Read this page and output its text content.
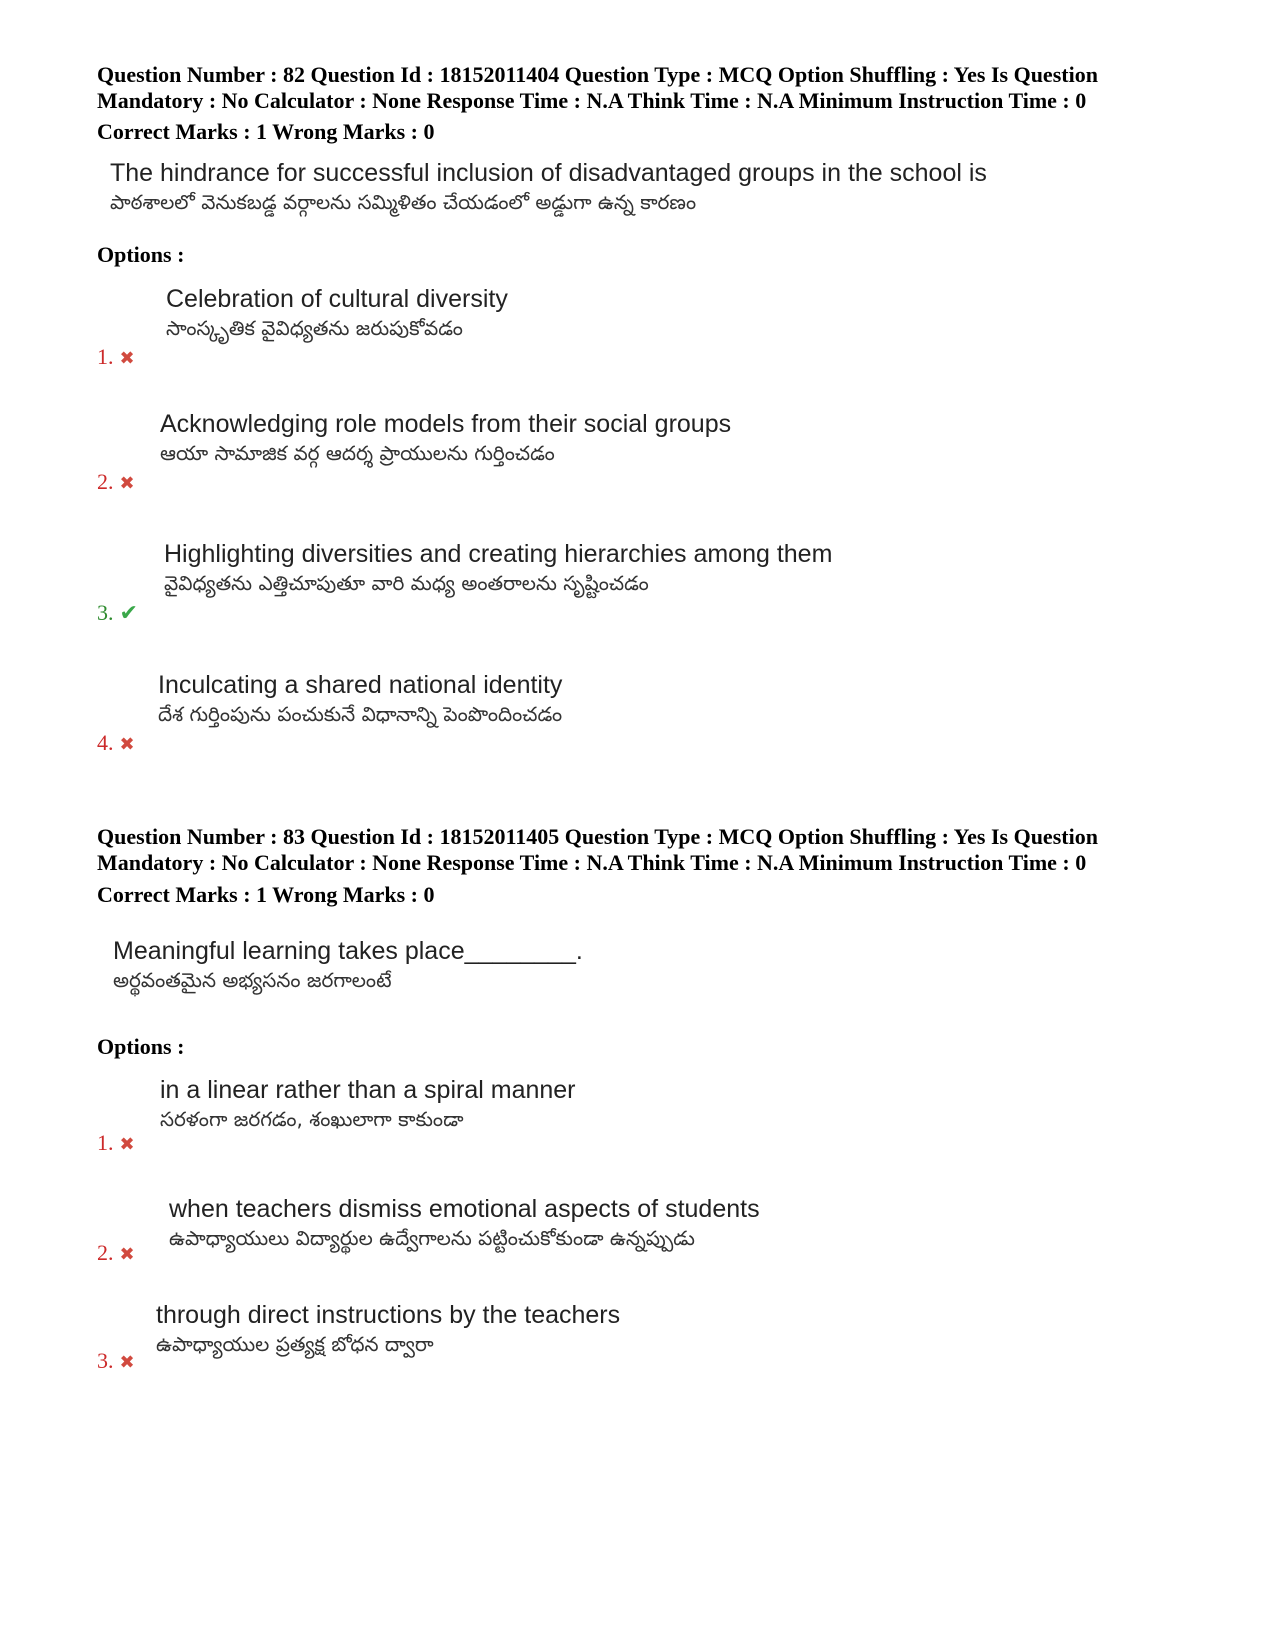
Question Number : 82 Question Id : 18152011404 Question Type : MCQ Option Shuffling : Yes Is Question Mandatory : No Calculator : None Response Time : N.A Think Time : N.A Minimum Instruction Time : 0
Correct Marks : 1 Wrong Marks : 0
The hindrance for successful inclusion of disadvantaged groups in the school is
పాఠశాలలో వెనుకబడ్డ వర్గాలను సమ్మిళితం చేయడంలో అడ్డుగా ఉన్న కారణం
Options :
Celebration of cultural diversity
సాంస్కృతిక వైవిధ్యతను జరుపుకోవడం
1. ✖
Acknowledging role models from their social groups
ఆయా సామాజిక వర్గ ఆదర్శ ప్రాయులను గుర్తించడం
2. ✖
Highlighting diversities and creating hierarchies among them
వైవిధ్యతను ఎత్తిచూపుతూ వారి మధ్య అంతరాలను సృష్టించడం
3. ✔
Inculcating a shared national identity
దేశ గుర్తింపును పంచుకునే విధానాన్ని పెంపొందించడం
4. ✖
Question Number : 83 Question Id : 18152011405 Question Type : MCQ Option Shuffling : Yes Is Question Mandatory : No Calculator : None Response Time : N.A Think Time : N.A Minimum Instruction Time : 0
Correct Marks : 1 Wrong Marks : 0
Meaningful learning takes place________.
అర్థవంతమైన అభ్యసనం జరగాలంటే
Options :
in a linear rather than a spiral manner
సరళంగా జరగడం, శంఖులాగా కాకుండా
1. ✖
when teachers dismiss emotional aspects of students
ఉపాధ్యాయులు విద్యార్థుల ఉద్వేగాలను పట్టించుకోకుండా ఉన్నప్పుడు
2. ✖
through direct instructions by the teachers
ఉపాధ్యాయుల ప్రత్యక్ష బోధన ద్వారా
3. ✖
